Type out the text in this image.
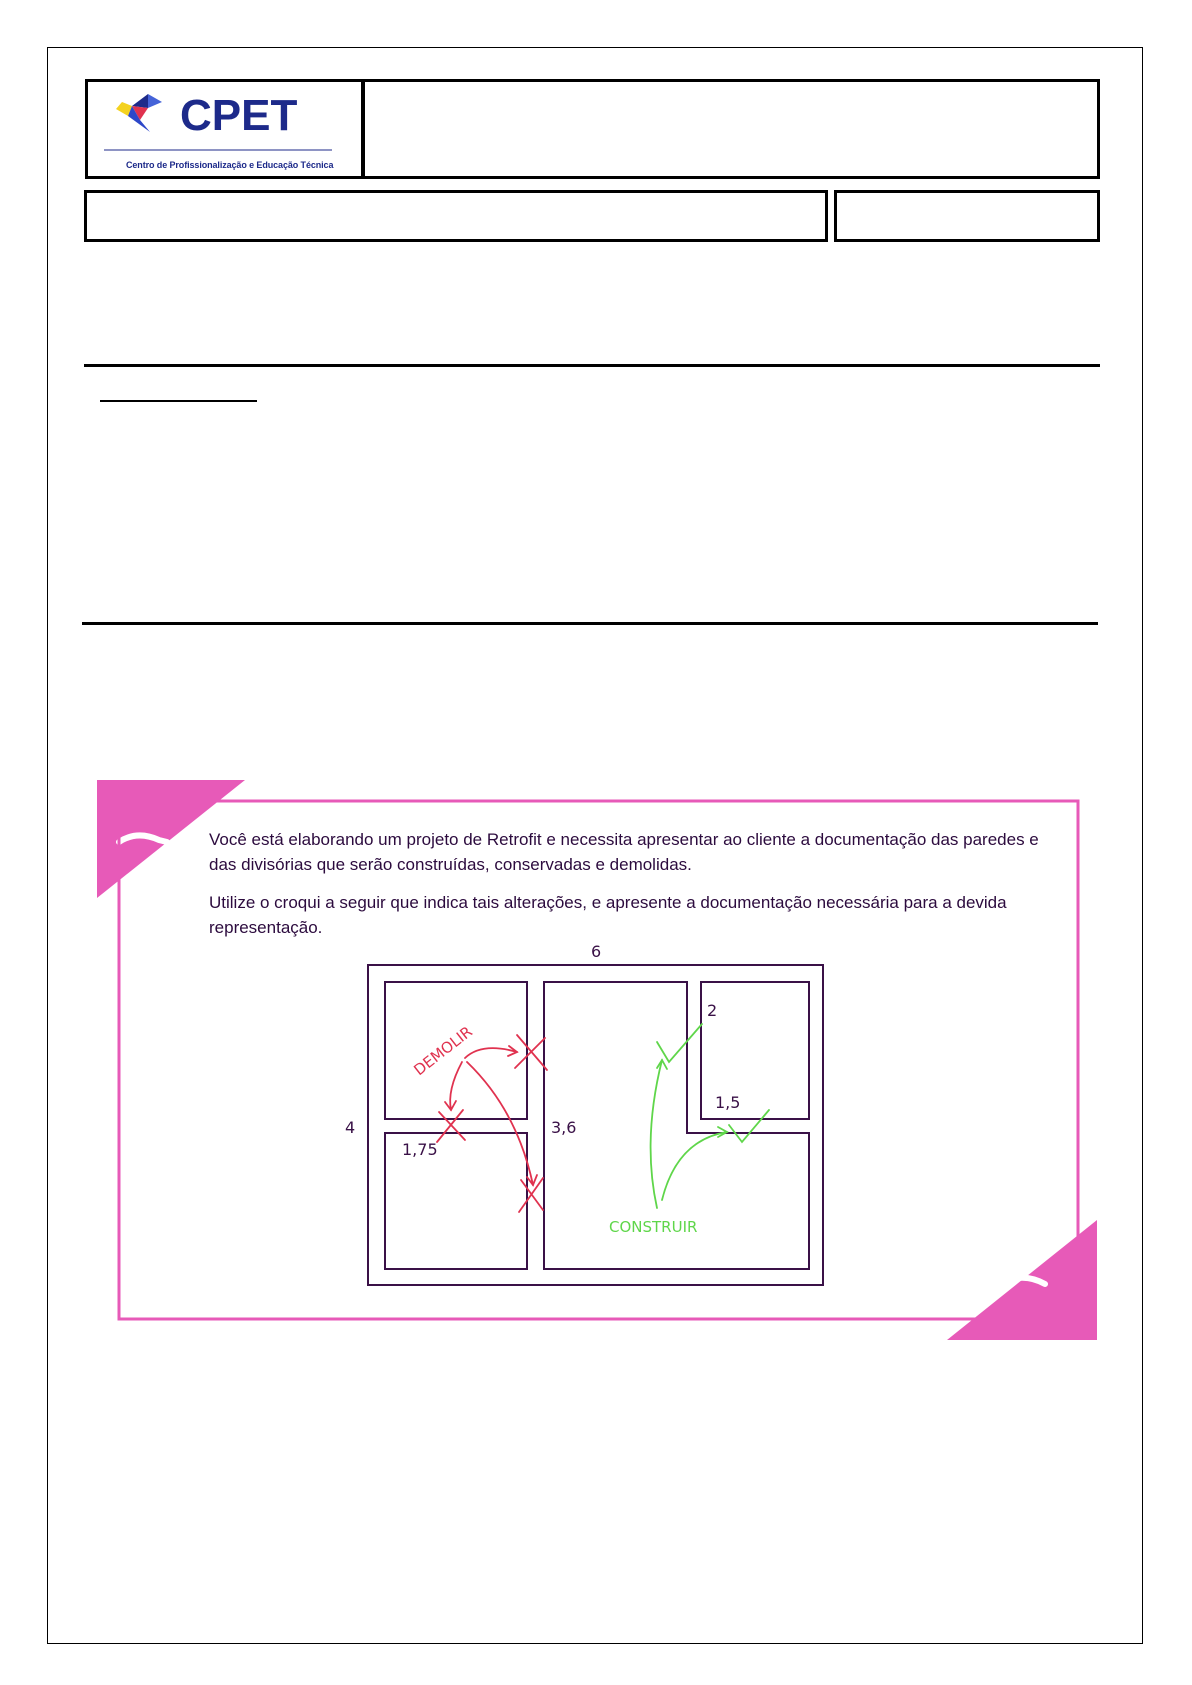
CPET
Centro de Profissionalização e Educação Técnica
Você está elaborando um projeto de Retrofit e necessita apresentar ao cliente a documentação das paredes e das divisórias que serão construídas, conservadas e demolidas.
Utilize o croqui a seguir que indica tais alterações, e apresente a documentação necessária para a devida representação.
6
4
1,75
3,6
2
1,5
DEMOLIR
CONSTRUIR
